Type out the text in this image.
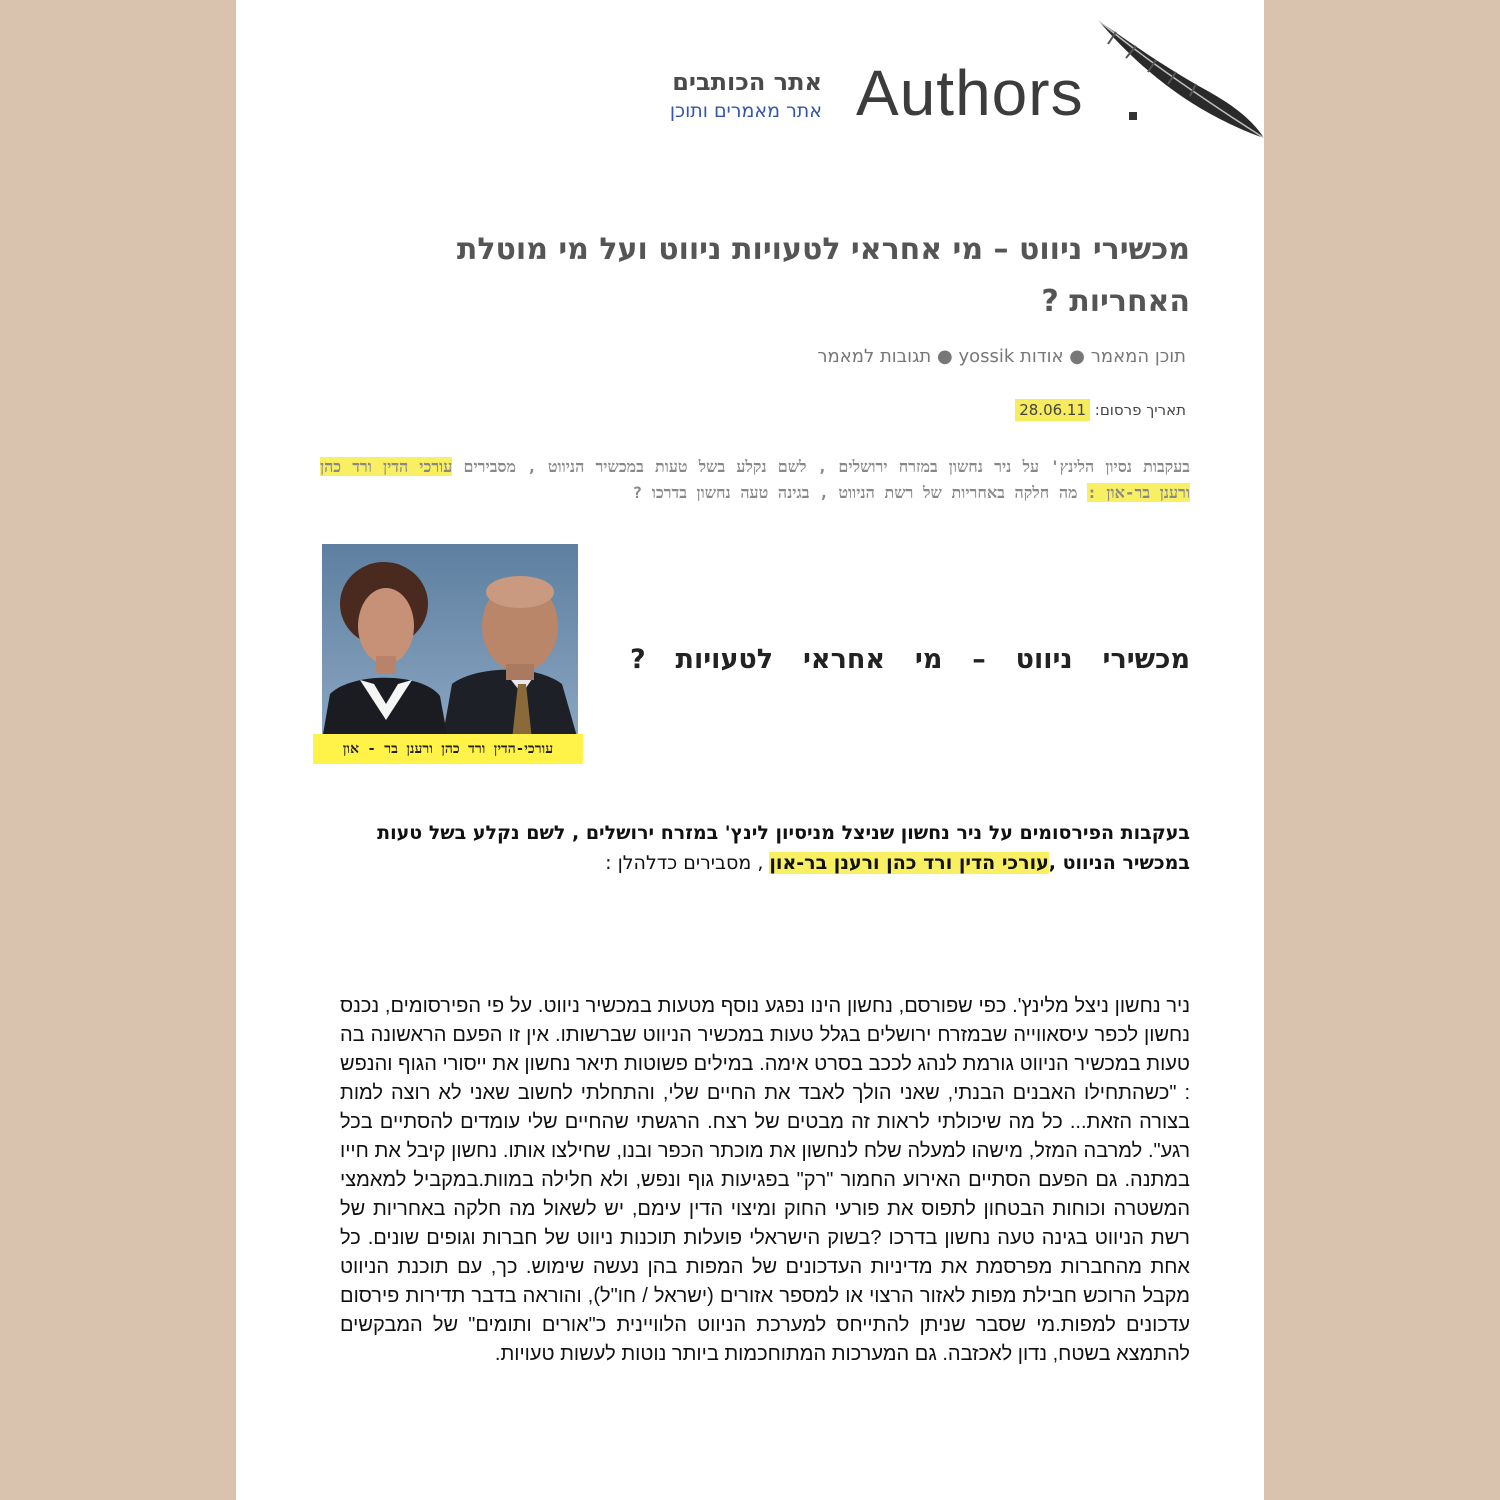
אתר הכותבים
אתר מאמרים ותוכן Authors
מכשירי ניווט – מי אחראי לטעויות ניווט ועל מי מוטלת האחריות ?
תוכן המאמר ● אודות yossik ● תגובות למאמר
תאריך פרסום: 28.06.11
בעקבות נסיון הלינץ' על ניר נחשון במזרח ירושלים , לשם נקלע בשל טעות במכשיר הניווט , מסבירים עורכי הדין ורד כהן ורענן בר-און : מה חלקה באחריות של רשת הניווט , בגינה טעה נחשון בדרכו ?
עורכי-הדין ורד כהן ורענן בר - און
מכשירי ניווט – מי אחראי לטעויות ?
בעקבות הפירסומים על ניר נחשון שניצל מניסיון לינץ' במזרח ירושלים , לשם נקלע בשל טעות במכשיר הניווט ,עורכי הדין ורד כהן ורענן בר-און , מסבירים כדלהלן :
ניר נחשון ניצל מלינץ'. כפי שפורסם, נחשון הינו נפגע נוסף מטעות במכשיר ניווט. על פי הפירסומים, נכנס נחשון לכפר עיסאווייה שבמזרח ירושלים בגלל טעות במכשיר הניווט שברשותו. אין זו הפעם הראשונה בה טעות במכשיר הניווט גורמת לנהג לככב בסרט אימה. במילים פשוטות תיאר נחשון את ייסורי הגוף והנפש : "כשהתחילו האבנים הבנתי, שאני הולך לאבד את החיים שלי, והתחלתי לחשוב שאני לא רוצה למות בצורה הזאת... כל מה שיכולתי לראות זה מבטים של רצח. הרגשתי שהחיים שלי עומדים להסתיים בכל רגע". למרבה המזל, מישהו למעלה שלח לנחשון את מוכתר הכפר ובנו, שחילצו אותו. נחשון קיבל את חייו במתנה. גם הפעם הסתיים האירוע החמור "רק" בפגיעות גוף ונפש, ולא חלילה במוות.במקביל למאמצי המשטרה וכוחות הבטחון לתפוס את פורעי החוק ומיצוי הדין עימם, יש לשאול מה חלקה באחריות של רשת הניווט בגינה טעה נחשון בדרכו ?בשוק הישראלי פועלות תוכנות ניווט של חברות וגופים שונים. כל אחת מהחברות מפרסמת את מדיניות העדכונים של המפות בהן נעשה שימוש. כך, עם תוכנת הניווט מקבל הרוכש חבילת מפות לאזור הרצוי או למספר אזורים (ישראל / חו"ל), והוראה בדבר תדירות פירסום עדכונים למפות.מי שסבר שניתן להתייחס למערכת הניווט הלוויינית כ"אורים ותומים" של המבקשים להתמצא בשטח, נדון לאכזבה. גם המערכות המתוחכמות ביותר נוטות לעשות טעויות.
